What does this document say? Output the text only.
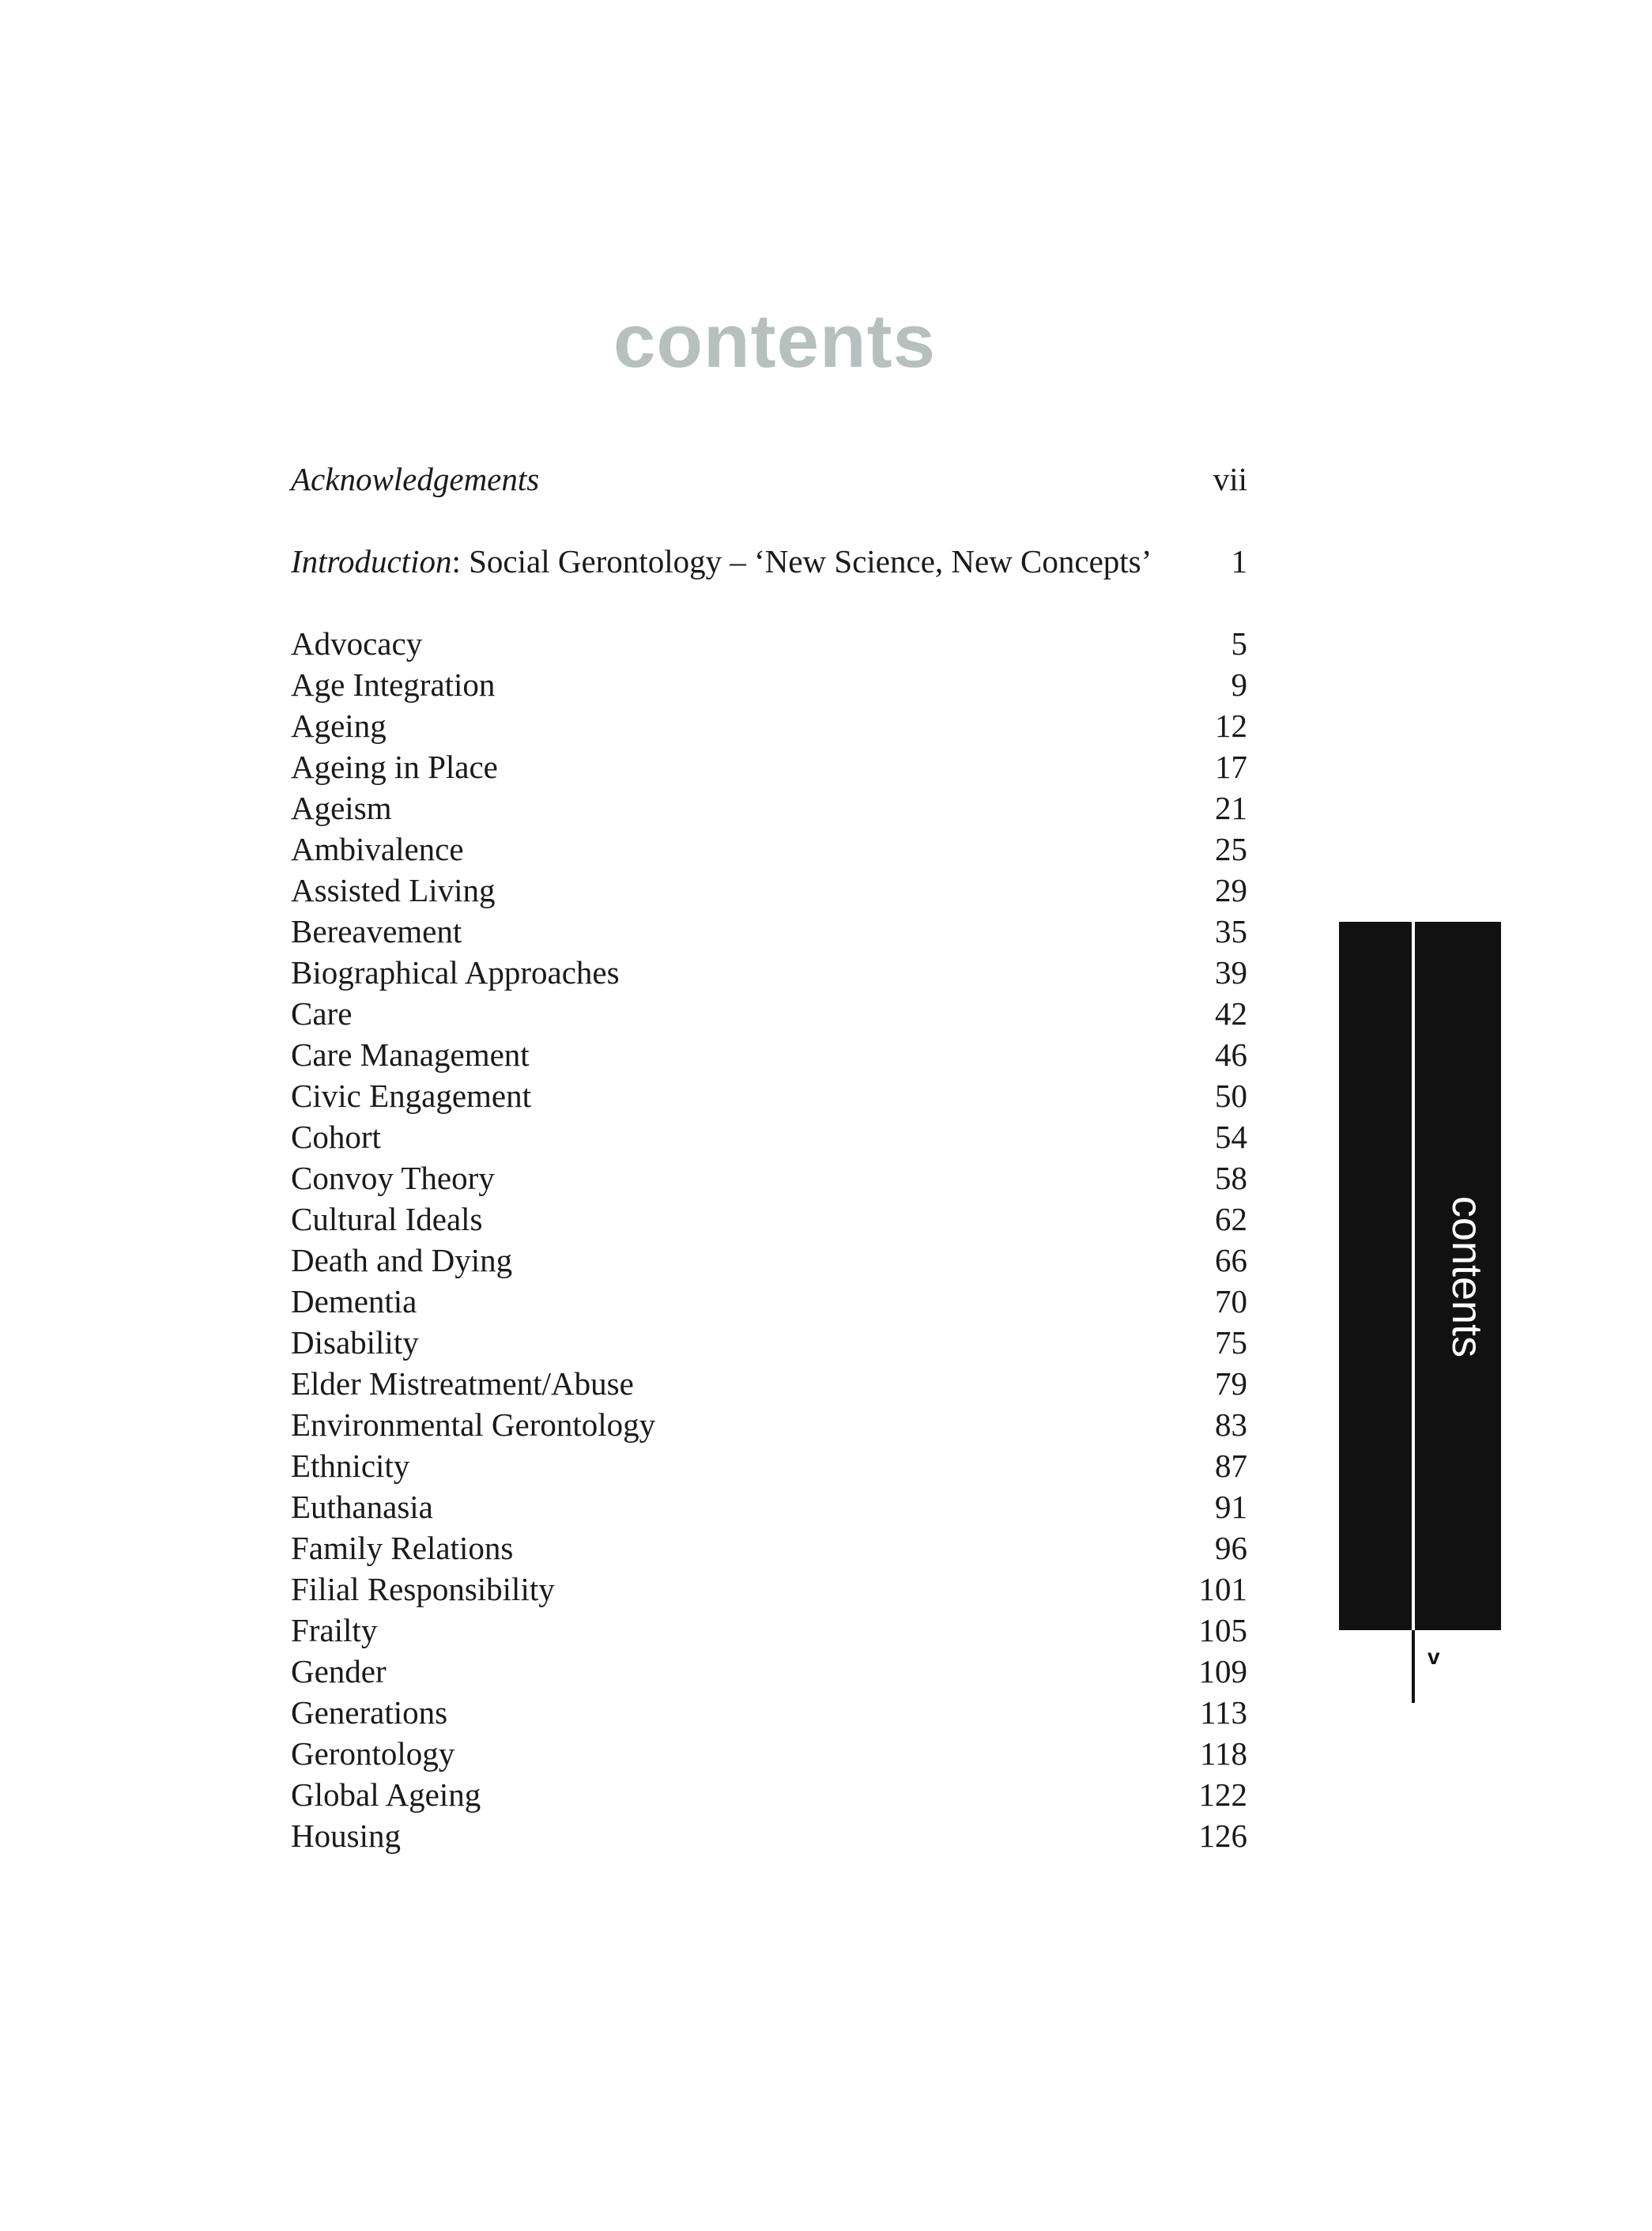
contents
Acknowledgements	vii
Introduction: Social Gerontology – ‘New Science, New Concepts’	1
Advocacy	5
Age Integration	9
Ageing	12
Ageing in Place	17
Ageism	21
Ambivalence	25
Assisted Living	29
Bereavement	35
Biographical Approaches	39
Care	42
Care Management	46
Civic Engagement	50
Cohort	54
Convoy Theory	58
Cultural Ideals	62
Death and Dying	66
Dementia	70
Disability	75
Elder Mistreatment/Abuse	79
Environmental Gerontology	83
Ethnicity	87
Euthanasia	91
Family Relations	96
Filial Responsibility	101
Frailty	105
Gender	109
Generations	113
Gerontology	118
Global Ageing	122
Housing	126
contents
v
